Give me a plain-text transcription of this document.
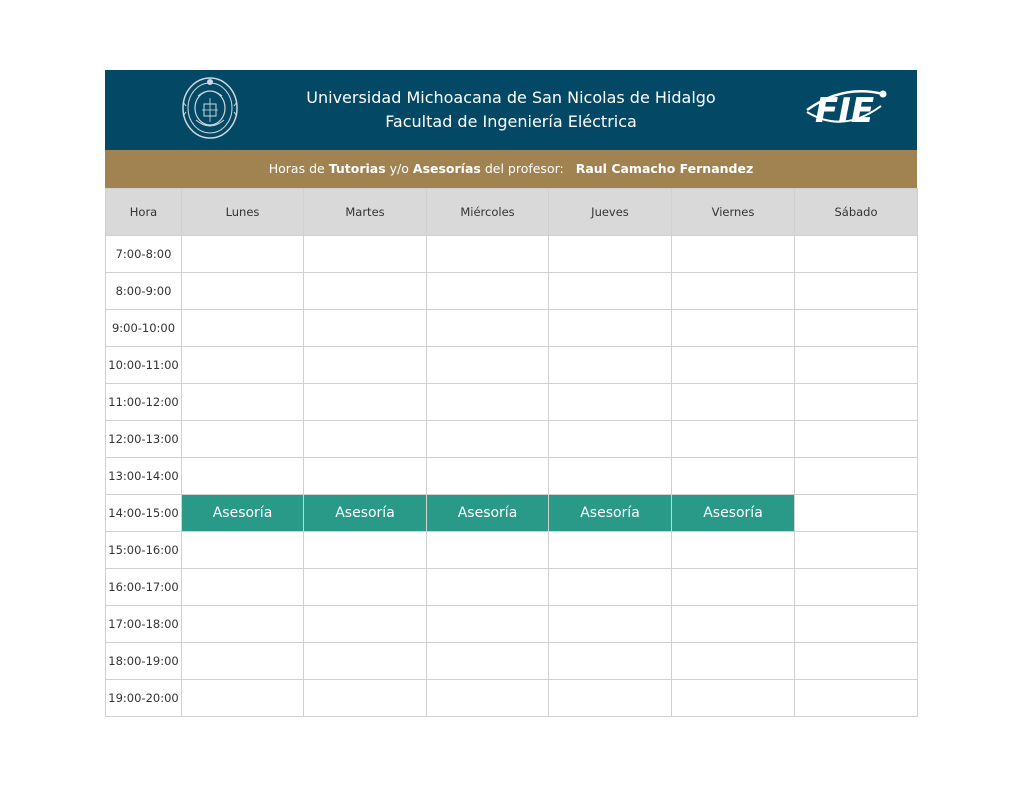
Universidad Michoacana de San Nicolas de Hidalgo
Facultad de Ingeniería Eléctrica	FIE
Horas de Tutorias y/o Asesorías del profesor: Raul Camacho Fernandez
Hora	Lunes	Martes	Miércoles	Jueves	Viernes	Sábado
7:00-8:00						
8:00-9:00						
9:00-10:00						
10:00-11:00						
11:00-12:00						
12:00-13:00						
13:00-14:00						
14:00-15:00	Asesoría	Asesoría	Asesoría	Asesoría	Asesoría	
15:00-16:00						
16:00-17:00						
17:00-18:00						
18:00-19:00						
19:00-20:00						
